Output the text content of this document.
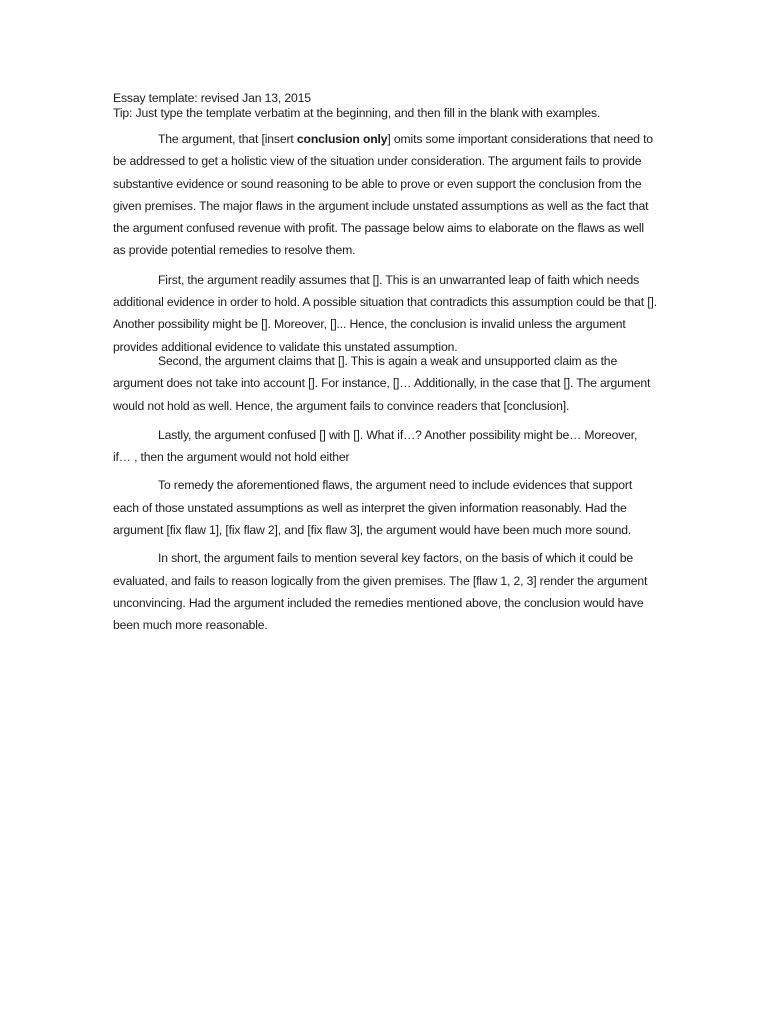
Essay template: revised Jan 13, 2015

Tip: Just type the template verbatim at the beginning, and then fill in the blank with examples.

The argument, that [insert conclusion only] omits some important considerations that need to be addressed to get a holistic view of the situation under consideration. The argument fails to provide substantive evidence or sound reasoning to be able to prove or even support the conclusion from the given premises. The major flaws in the argument include unstated assumptions as well as the fact that the argument confused revenue with profit. The passage below aims to elaborate on the flaws as well as provide potential remedies to resolve them.

First, the argument readily assumes that []. This is an unwarranted leap of faith which needs additional evidence in order to hold. A possible situation that contradicts this assumption could be that []. Another possibility might be []. Moreover, []... Hence, the conclusion is invalid unless the argument provides additional evidence to validate this unstated assumption.

Second, the argument claims that []. This is again a weak and unsupported claim as the argument does not take into account []. For instance, []… Additionally, in the case that []. The argument would not hold as well. Hence, the argument fails to convince readers that [conclusion].

Lastly, the argument confused [] with []. What if…? Another possibility might be… Moreover, if… , then the argument would not hold either

To remedy the aforementioned flaws, the argument need to include evidences that support each of those unstated assumptions as well as interpret the given information reasonably. Had the argument [fix flaw 1], [fix flaw 2], and [fix flaw 3], the argument would have been much more sound.

In short, the argument fails to mention several key factors, on the basis of which it could be evaluated, and fails to reason logically from the given premises. The [flaw 1, 2, 3] render the argument unconvincing. Had the argument included the remedies mentioned above, the conclusion would have been much more reasonable.
